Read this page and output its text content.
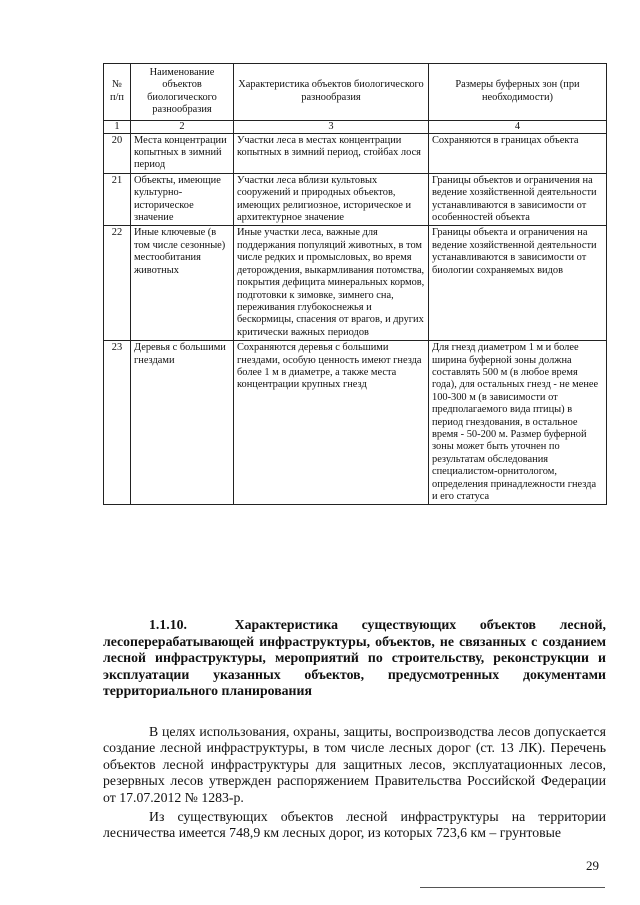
№ п/п	Наименование объектов биологического разнообразия	Характеристика объектов биологического разнообразия	Размеры буферных зон (при необходимости)
1	2	3	4
20	Места концентрации копытных в зимний период	Участки леса в местах концентрации копытных в зимний период, стойбах лося	Сохраняются в границах объекта
21	Объекты, имеющие культурно-историческое значение	Участки леса вблизи культовых сооружений и природных объектов, имеющих религиозное, историческое и архитектурное значение	Границы объектов и ограничения на ведение хозяйственной деятельности устанавливаются в зависимости от особенностей объекта
22	Иные ключевые (в том числе сезонные) местообитания животных	Иные участки леса, важные для поддержания популяций животных, в том числе редких и промысловых, во время деторождения, выкармливания потомства, покрытия дефицита минеральных кормов, подготовки к зимовке, зимнего сна, переживания глубокоснежья и бескормицы, спасения от врагов, и других критически важных периодов	Границы объекта и ограничения на ведение хозяйственной деятельности устанавливаются в зависимости от биологии сохраняемых видов
23	Деревья с большими гнездами	Сохраняются деревья с большими гнездами, особую ценность имеют гнезда более 1 м в диаметре, а также места концентрации крупных гнезд	Для гнезд диаметром 1 м и более ширина буферной зоны должна составлять 500 м (в любое время года), для остальных гнезд - не менее 100-300 м (в зависимости от предполагаемого вида птицы) в период гнездования, в остальное время - 50-200 м. Размер буферной зоны может быть уточнен по результатам обследования специалистом-орнитологом, определения принадлежности гнезда и его статуса
1.1.10.	Характеристика существующих объектов лесной, лесоперерабатывающей инфраструктуры, объектов, не связанных с созданием лесной инфраструктуры, мероприятий по строительству, реконструкции и эксплуатации указанных объектов, предусмотренных документами территориального планирования

В целях использования, охраны, защиты, воспроизводства лесов допускается создание лесной инфраструктуры, в том числе лесных дорог (ст. 13 ЛК). Перечень объектов лесной инфраструктуры для защитных лесов, эксплуатационных лесов, резервных лесов утвержден распоряжением Правительства Российской Федерации от 17.07.2012 № 1283-р.

Из существующих объектов лесной инфраструктуры на территории лесничества имеется 748,9 км лесных дорог, из которых 723,6 км – грунтовые

29
